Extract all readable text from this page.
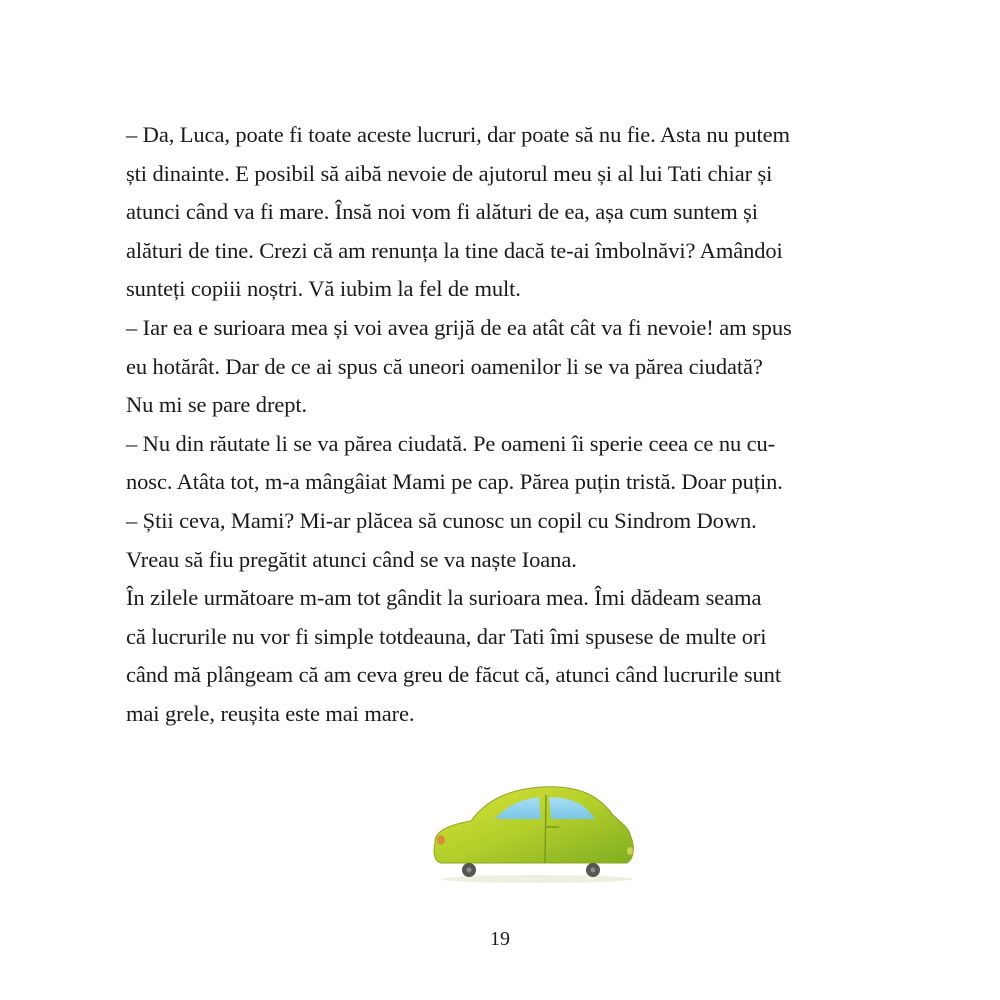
– Da, Luca, poate fi toate aceste lucruri, dar poate să nu fie. Asta nu putem
ști dinainte. E posibil să aibă nevoie de ajutorul meu și al lui Tati chiar și
atunci când va fi mare. Însă noi vom fi alături de ea, așa cum suntem și
alături de tine. Crezi că am renunța la tine dacă te-ai îmbolnăvi? Amândoi
sunteți copiii noștri. Vă iubim la fel de mult.
– Iar ea e surioara mea și voi avea grijă de ea atât cât va fi nevoie! am spus
eu hotărât. Dar de ce ai spus că uneori oamenilor li se va părea ciudată?
Nu mi se pare drept.
– Nu din răutate li se va părea ciudată. Pe oameni îi sperie ceea ce nu cu-
nosc. Atâta tot, m-a mângâiat Mami pe cap. Părea puțin tristă. Doar puțin.
– Știi ceva, Mami? Mi-ar plăcea să cunosc un copil cu Sindrom Down.
Vreau să fiu pregătit atunci când se va naște Ioana.
În zilele următoare m-am tot gândit la surioara mea. Îmi dădeam seama
că lucrurile nu vor fi simple totdeauna, dar Tati îmi spusese de multe ori
când mă plângeam că am ceva greu de făcut că, atunci când lucrurile sunt
mai grele, reușita este mai mare.
19
